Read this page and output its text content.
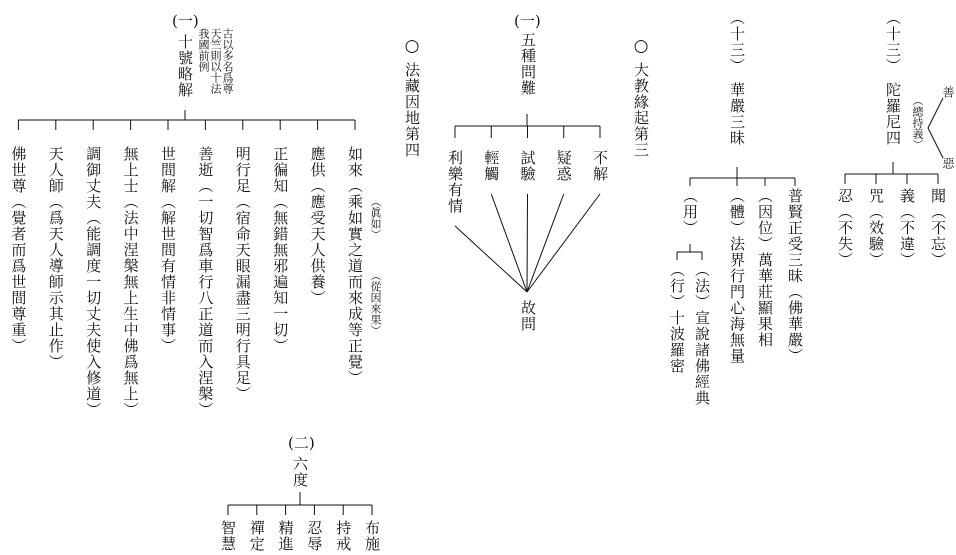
(一)
十號略解 古以多名爲尊
天竺則以十法
我國前例
如來
（乘如實之道而來成等正覺）
應供
（應受天人供養）
正徧知
（無錯無邪遍知一切）
明行足
（宿命天眼漏盡三明行具足）
善逝
（一切智爲車行八正道而入涅槃）
世間解
（解世間有情非情事）
無上士
（法中涅槃無上生中佛爲無上）
調御丈夫
（能調度一切丈夫使入修道）
天人師
（爲天人導師示其止作）
佛世尊
（覺者而爲世間尊重）	（眞如）
（從因來果）
(二)
六度
布施
持戒
忍辱
精進
禪定
智慧
○
法藏因地第四
(一)
五種問難
不解
疑惑
試驗
輕觸
利樂有情
故問
○
大教緣起第三
（十三）
華嚴三昧
普賢正受三昧（佛華嚴）
（因位）萬華莊顯果相
（體）法界行門心海無量
（用）
（法）宣說諸佛經典
（行）十波羅密
（十三）
陀羅尼四 （總持義）
善
惡
聞（不忘）
義（不違）
咒（效驗）
忍（不失）
